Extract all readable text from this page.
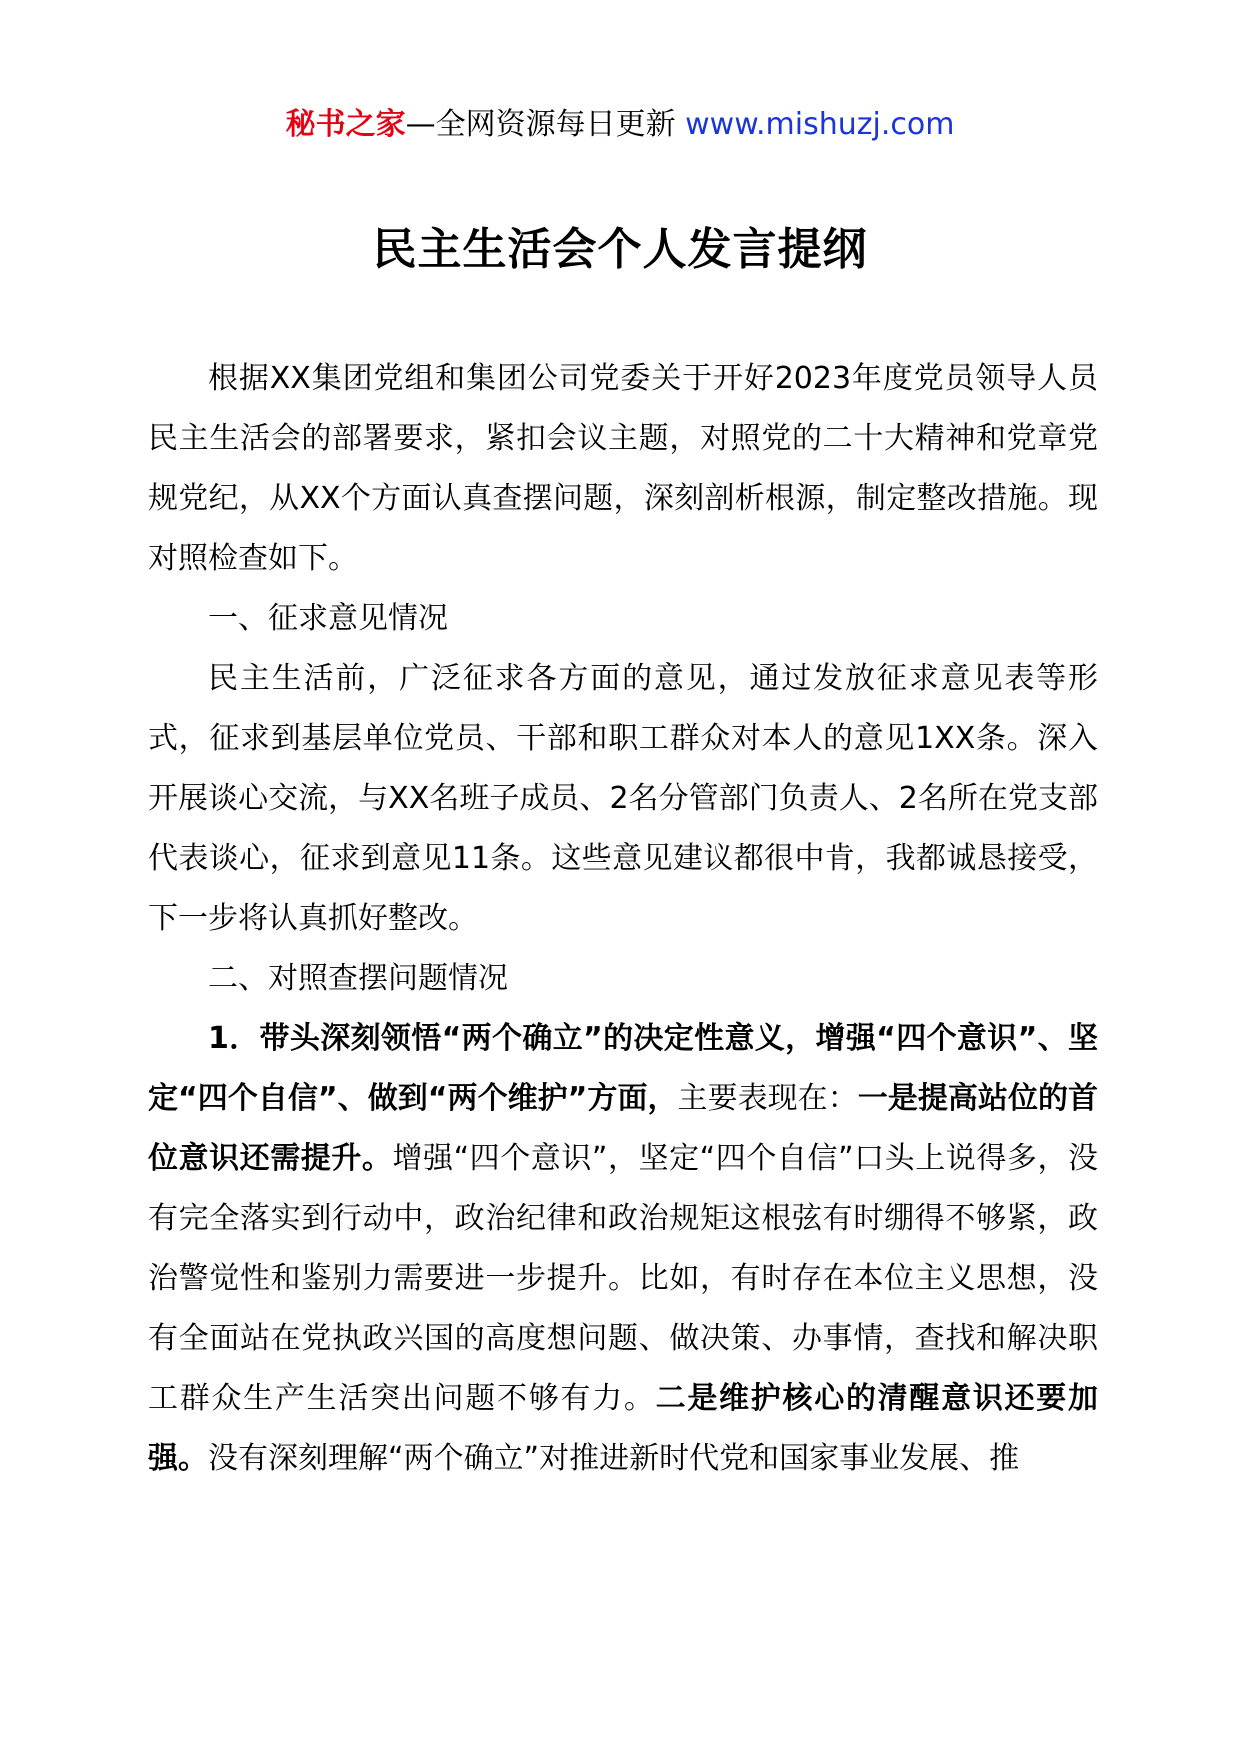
秘书之家—全网资源每日更新 www.mishuzj.com
民主生活会个人发言提纲

根据XX集团党组和集团公司党委关于开好2023年度党员领导人员民主生活会的部署要求，紧扣会议主题，对照党的二十大精神和党章党规党纪，从XX个方面认真查摆问题，深刻剖析根源，制定整改措施。现对照检查如下。

一、征求意见情况

民主生活前，广泛征求各方面的意见，通过发放征求意见表等形式，征求到基层单位党员、干部和职工群众对本人的意见1XX条。深入开展谈心交流，与XX名班子成员、2名分管部门负责人、2名所在党支部代表谈心，征求到意见11条。这些意见建议都很中肯，我都诚恳接受，下一步将认真抓好整改。

二、对照查摆问题情况

1．带头深刻领悟“两个确立”的决定性意义，增强“四个意识”、坚定“四个自信”、做到“两个维护”方面，主要表现在：一是提高站位的首位意识还需提升。增强“四个意识”，坚定“四个自信”口头上说得多，没有完全落实到行动中，政治纪律和政治规矩这根弦有时绷得不够紧，政治警觉性和鉴别力需要进一步提升。比如，有时存在本位主义思想，没有全面站在党执政兴国的高度想问题、做决策、办事情，查找和解决职工群众生产生活突出问题不够有力。二是维护核心的清醒意识还要加强。没有深刻理解“两个确立”对推进新时代党和国家事业发展、推
